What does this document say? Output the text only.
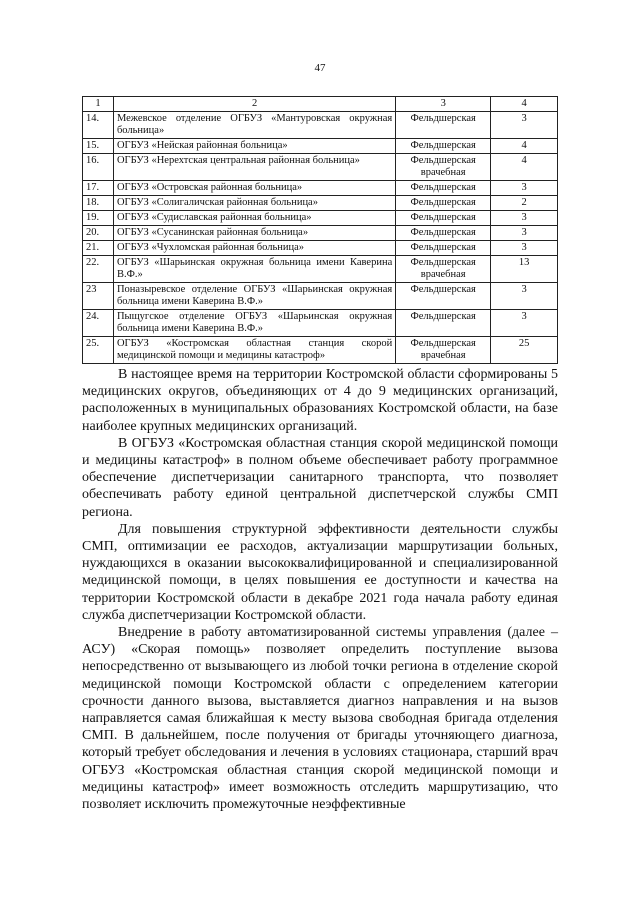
47
1	2	3	4
14.	Межевское отделение ОГБУЗ «Мантуровская окружная больница»	Фельдшерская	3
15.	ОГБУЗ «Нейская районная больница»	Фельдшерская	4
16.	ОГБУЗ «Нерехтская центральная районная больница»	Фельдшерская врачебная	4
17.	ОГБУЗ «Островская районная больница»	Фельдшерская	3
18.	ОГБУЗ «Солигаличская районная больница»	Фельдшерская	2
19.	ОГБУЗ «Судиславская районная больница»	Фельдшерская	3
20.	ОГБУЗ «Сусанинская районная больница»	Фельдшерская	3
21.	ОГБУЗ «Чухломская районная больница»	Фельдшерская	3
22.	ОГБУЗ «Шарьинская окружная больница имени Каверина В.Ф.»	Фельдшерская врачебная	13
23	Поназыревское отделение ОГБУЗ «Шарьинская окружная больница имени Каверина В.Ф.»	Фельдшерская	3
24.	Пыщугское отделение ОГБУЗ «Шарьинская окружная больница имени Каверина В.Ф.»	Фельдшерская	3
25.	ОГБУЗ «Костромская областная станция скорой медицинской помощи и медицины катастроф»	Фельдшерская врачебная	25

В настоящее время на территории Костромской области сформированы 5 медицинских округов, объединяющих от 4 до 9 медицинских организаций, расположенных в муниципальных образованиях Костромской области, на базе наиболее крупных медицинских организаций.

В ОГБУЗ «Костромская областная станция скорой медицинской помощи и медицины катастроф» в полном объеме обеспечивает работу программное обеспечение диспетчеризации санитарного транспорта, что позволяет обеспечивать работу единой центральной диспетчерской службы СМП региона.

Для повышения структурной эффективности деятельности службы СМП, оптимизации ее расходов, актуализации маршрутизации больных, нуждающихся в оказании высококвалифицированной и специализированной медицинской помощи, в целях повышения ее доступности и качества на территории Костромской области в декабре 2021 года начала работу единая служба диспетчеризации Костромской области.

Внедрение в работу автоматизированной системы управления (далее – АСУ) «Скорая помощь» позволяет определить поступление вызова непосредственно от вызывающего из любой точки региона в отделение скорой медицинской помощи Костромской области с определением категории срочности данного вызова, выставляется диагноз направления и на вызов направляется самая ближайшая к месту вызова свободная бригада отделения СМП. В дальнейшем, после получения от бригады уточняющего диагноза, который требует обследования и лечения в условиях стационара, старший врач ОГБУЗ «Костромская областная станция скорой медицинской помощи и медицины катастроф» имеет возможность отследить маршрутизацию, что позволяет исключить промежуточные неэффективные
